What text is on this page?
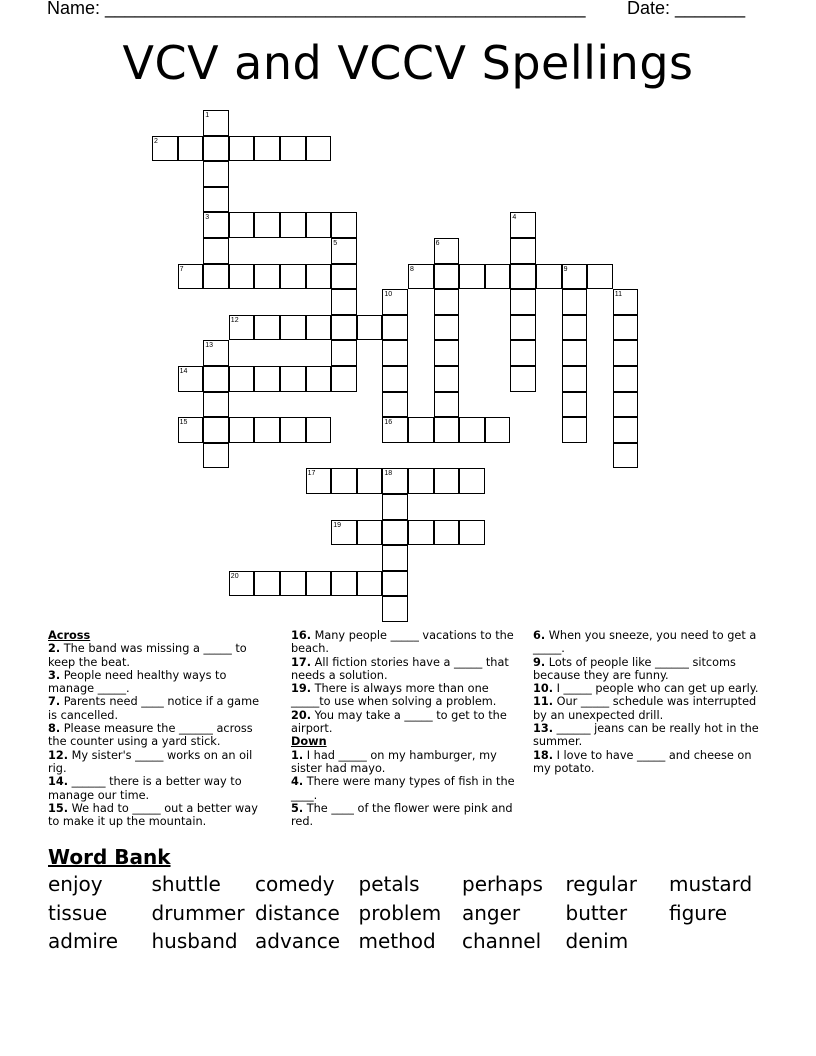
Name: ________________________________________________ Date: _______
VCV and VCCV Spellings
1
2
3	4
5	6
7	8	9
10	11
12
13
14
15	16
17	18
19
20
Across
2. The band was missing a _____ to keep the beat.
3. People need healthy ways to manage _____.
7. Parents need ____ notice if a game is cancelled.
8. Please measure the ______ across the counter using a yard stick.
12. My sister's _____ works on an oil rig.
14. ______ there is a better way to manage our time.
15. We had to _____ out a better way to make it up the mountain.
16. Many people _____ vacations to the beach.
17. All fiction stories have a _____ that needs a solution.
19. There is always more than one _____to use when solving a problem.
20. You may take a _____ to get to the airport.
Down
1. I had _____ on my hamburger, my sister had mayo.
4. There were many types of fish in the ____.
5. The ____ of the flower were pink and red.
6. When you sneeze, you need to get a _____.
9. Lots of people like ______ sitcoms because they are funny.
10. I _____ people who can get up early.
11. Our _____ schedule was interrupted by an unexpected drill.
13. ______ jeans can be really hot in the summer.
18. I love to have _____ and cheese on my potato.
Word Bank
enjoy shuttle comedy petals perhaps regular mustard
tissue drummer distance problem anger butter figure
admire husband advance method channel denim
